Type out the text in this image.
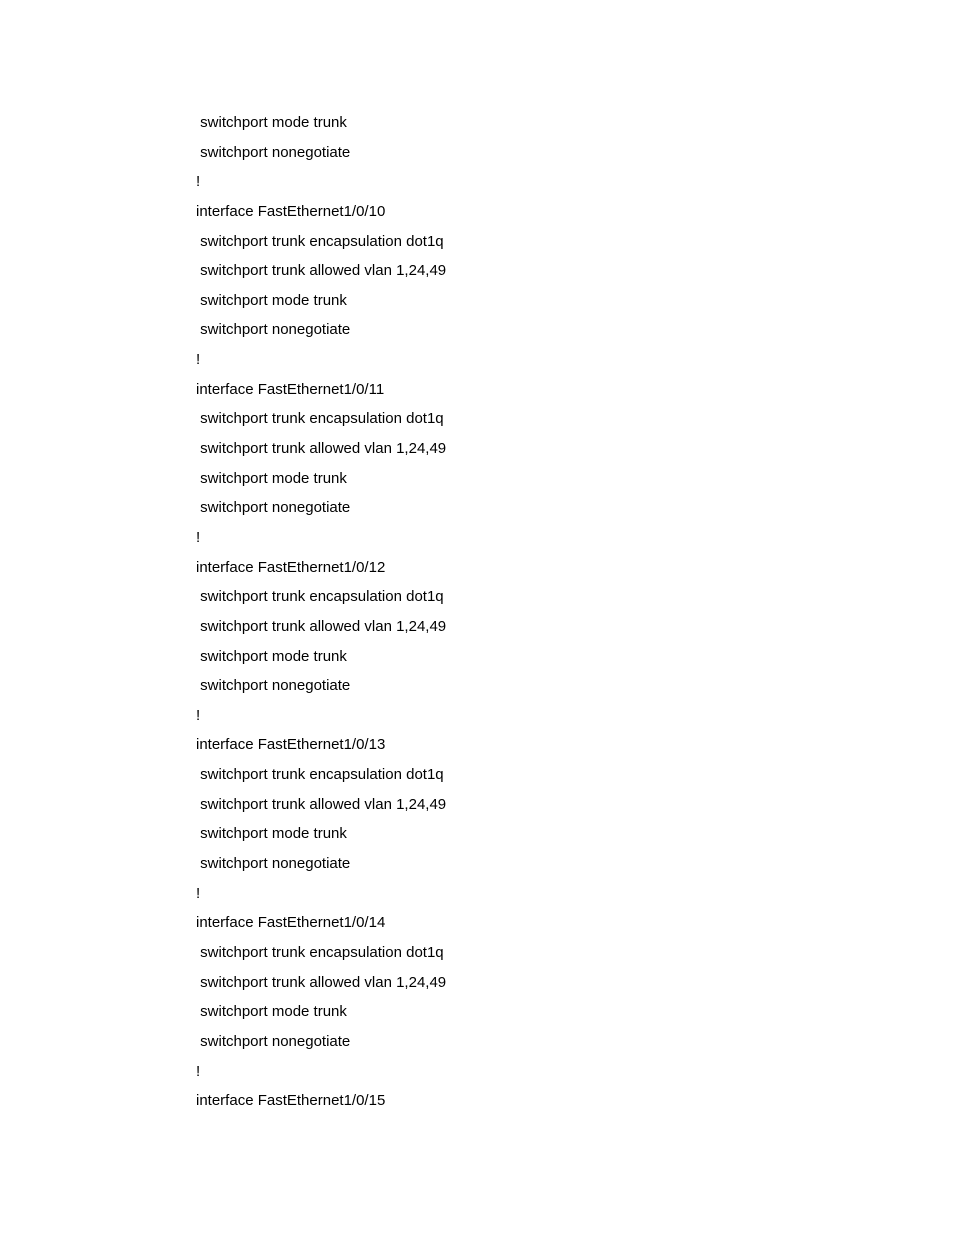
switchport mode trunk
switchport nonegotiate
!
interface FastEthernet1/0/10
switchport trunk encapsulation dot1q
switchport trunk allowed vlan 1,24,49
switchport mode trunk
switchport nonegotiate
!
interface FastEthernet1/0/11
switchport trunk encapsulation dot1q
switchport trunk allowed vlan 1,24,49
switchport mode trunk
switchport nonegotiate
!
interface FastEthernet1/0/12
switchport trunk encapsulation dot1q
switchport trunk allowed vlan 1,24,49
switchport mode trunk
switchport nonegotiate
!
interface FastEthernet1/0/13
switchport trunk encapsulation dot1q
switchport trunk allowed vlan 1,24,49
switchport mode trunk
switchport nonegotiate
!
interface FastEthernet1/0/14
switchport trunk encapsulation dot1q
switchport trunk allowed vlan 1,24,49
switchport mode trunk
switchport nonegotiate
!
interface FastEthernet1/0/15
